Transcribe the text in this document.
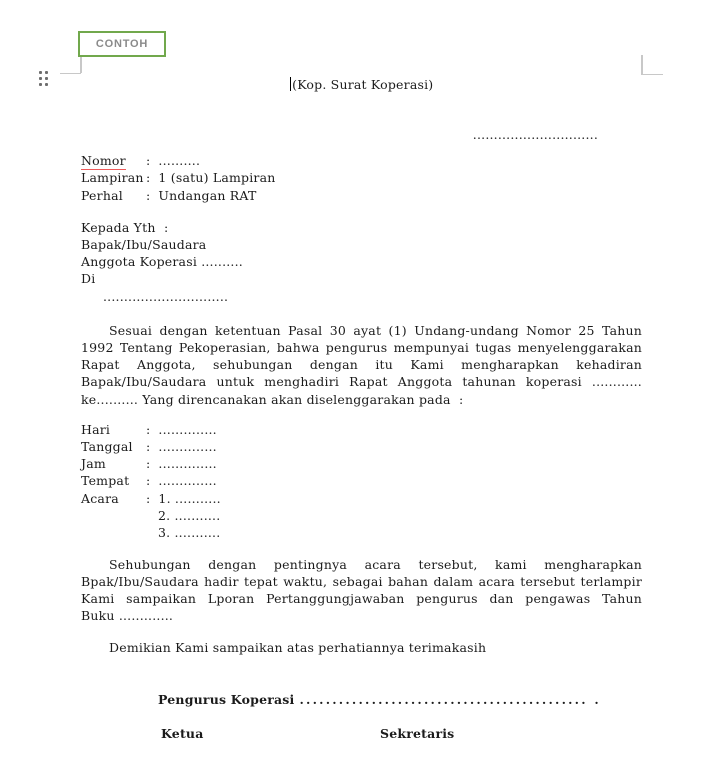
CONTOH
(Kop. Surat Koperasi)
..............................
Nomor : ..........
Lampiran : 1 (satu) Lampiran
Perhal : Undangan RAT
Kepada Yth  :
Bapak/Ibu/Saudara
Anggota Koperasi ..........
Di
..............................
Sesuai dengan ketentuan Pasal 30 ayat (1) Undang-undang Nomor 25 Tahun
1992 Tentang Pekoperasian, bahwa pengurus mempunyai tugas menyelenggarakan
Rapat Anggota, sehubungan dengan itu Kami mengharapkan kehadiran
Bapak/Ibu/Saudara untuk menghadiri Rapat Anggota tahunan koperasi ............
ke.......... Yang direncanakan akan diselenggarakan pada  :
Hari	: ..............
Tanggal : ..............
Jam	: ..............
Tempat : ..............
Acara : 1. ...........
2. ...........
3. ...........
Sehubungan dengan pentingnya acara tersebut, kami mengharapkan
Bpak/Ibu/Saudara hadir tepat waktu, sebagai bahan dalam acara tersebut terlampir
Kami sampaikan Lporan Pertanggungjawaban pengurus dan pengawas Tahun
Buku .............
Demikian Kami sampaikan atas perhatiannya terimakasih
Pengurus Koperasi ............................................ .
Ketua	Sekretaris
